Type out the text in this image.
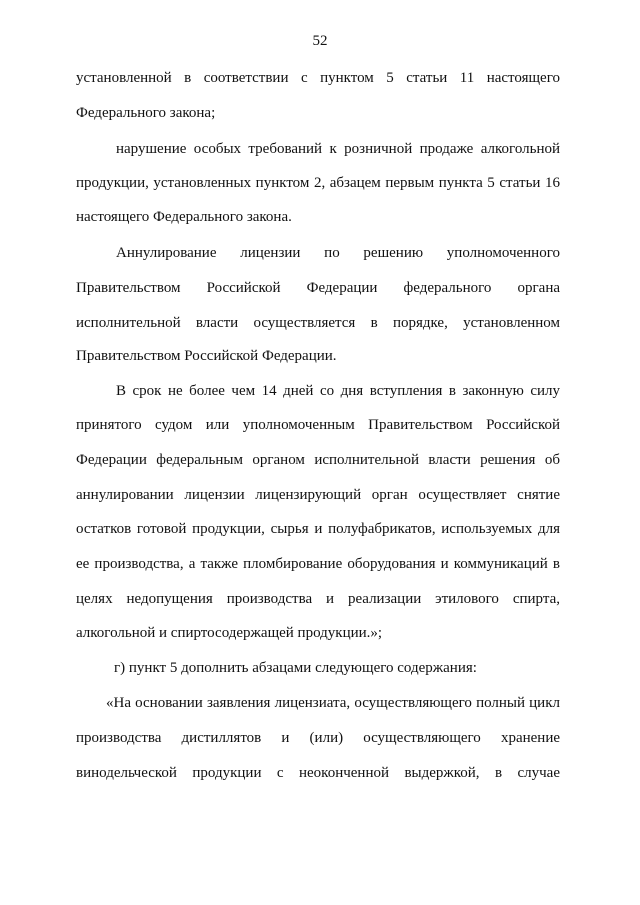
52
установленной в соответствии с пунктом 5 статьи 11 настоящего
Федерального закона;
нарушение особых требований к розничной продаже алкогольной
продукции, установленных пунктом 2, абзацем первым пункта 5 статьи 16
настоящего Федерального закона.
Аннулирование лицензии по решению уполномоченного
Правительством Российской Федерации федерального органа
исполнительной власти осуществляется в порядке, установленном
Правительством Российской Федерации.
В срок не более чем 14 дней со дня вступления в законную силу
принятого судом или уполномоченным Правительством Российской
Федерации федеральным органом исполнительной власти решения об
аннулировании лицензии лицензирующий орган осуществляет снятие
остатков готовой продукции, сырья и полуфабрикатов, используемых для
ее производства, а также пломбирование оборудования и коммуникаций в
целях недопущения производства и реализации этилового спирта,
алкогольной и спиртосодержащей продукции.»;
г) пункт 5 дополнить абзацами следующего содержания:
«На основании заявления лицензиата, осуществляющего полный цикл
производства дистиллятов и (или) осуществляющего хранение
винодельческой продукции с неоконченной выдержкой, в случае
